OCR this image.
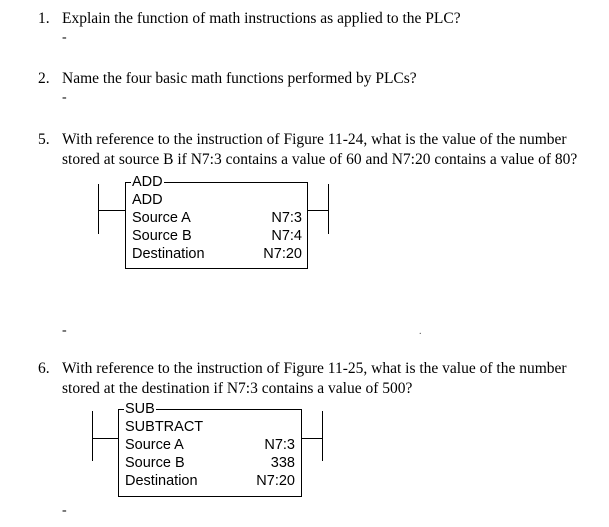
1. Explain the function of math instructions as applied to the PLC?
-
2. Name the four basic math functions performed by PLCs?
-
5. With reference to the instruction of Figure 11-24, what is the value of the number
stored at source B if N7:3 contains a value of 60 and N7:20 contains a value of 80?
ADD
ADD
Source A	N7:3
Source B	N7:4
Destination	N7:20
-	.
6. With reference to the instruction of Figure 11-25, what is the value of the number
stored at the destination if N7:3 contains a value of 500?
SUB
SUBTRACT
Source A	N7:3
Source B	338
Destination	N7:20
-
